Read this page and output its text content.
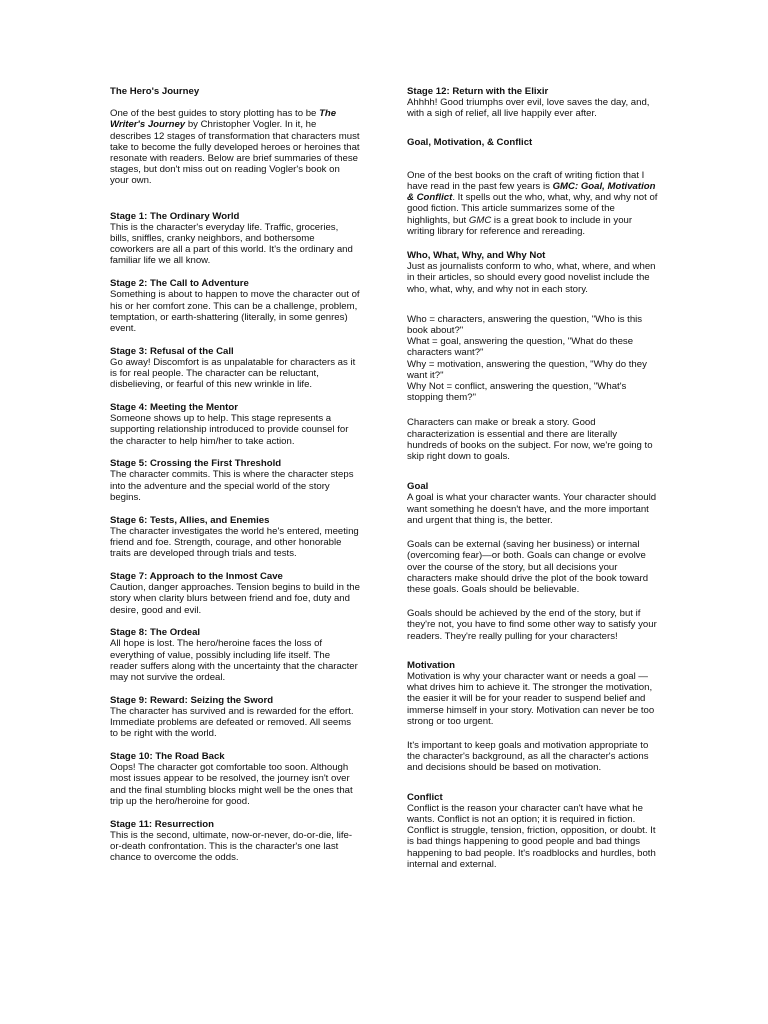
The Hero's Journey

One of the best guides to story plotting has to be The Writer's Journey by Christopher Vogler. In it, he describes 12 stages of transformation that characters must take to become the fully developed heroes or heroines that resonate with readers. Below are brief summaries of these stages, but don't miss out on reading Vogler's book on your own.

Stage 1: The Ordinary World
This is the character's everyday life. Traffic, groceries, bills, sniffles, cranky neighbors, and bothersome coworkers are all a part of this world. It's the ordinary and familiar life we all know.
Stage 2: The Call to Adventure
Something is about to happen to move the character out of his or her comfort zone. This can be a challenge, problem, temptation, or earth-shattering (literally, in some genres) event.
Stage 3: Refusal of the Call
Go away! Discomfort is as unpalatable for characters as it is for real people. The character can be reluctant, disbelieving, or fearful of this new wrinkle in life.
Stage 4: Meeting the Mentor
Someone shows up to help. This stage represents a supporting relationship introduced to provide counsel for the character to help him/her to take action.
Stage 5: Crossing the First Threshold
The character commits. This is where the character steps into the adventure and the special world of the story begins.
Stage 6: Tests, Allies, and Enemies
The character investigates the world he's entered, meeting friend and foe. Strength, courage, and other honorable traits are developed through trials and tests.
Stage 7: Approach to the Inmost Cave
Caution, danger approaches. Tension begins to build in the story when clarity blurs between friend and foe, duty and desire, good and evil.
Stage 8: The Ordeal
All hope is lost. The hero/heroine faces the loss of everything of value, possibly including life itself. The reader suffers along with the uncertainty that the character may not survive the ordeal.
Stage 9: Reward: Seizing the Sword
The character has survived and is rewarded for the effort. Immediate problems are defeated or removed. All seems to be right with the world.
Stage 10: The Road Back
Oops! The character got comfortable too soon. Although most issues appear to be resolved, the journey isn't over and the final stumbling blocks might well be the ones that trip up the hero/heroine for good.
Stage 11: Resurrection
This is the second, ultimate, now-or-never, do-or-die, life-or-death confrontation. This is the character's one last chance to overcome the odds.
Stage 12: Return with the Elixir
Ahhhh! Good triumphs over evil, love saves the day, and, with a sigh of relief, all live happily ever after.

Goal, Motivation, & Conflict

One of the best books on the craft of writing fiction that I have read in the past few years is GMC: Goal, Motivation & Conflict. It spells out the who, what, why, and why not of good fiction. This article summarizes some of the highlights, but GMC is a great book to include in your writing library for reference and rereading.

Who, What, Why, and Why Not
Just as journalists conform to who, what, where, and when in their articles, so should every good novelist include the who, what, why, and why not in each story.

Who = characters, answering the question, "Who is this book about?"

What = goal, answering the question, "What do these characters want?"

Why = motivation, answering the question, "Why do they want it?"

Why Not = conflict, answering the question, "What's stopping them?"

Characters can make or break a story. Good characterization is essential and there are literally hundreds of books on the subject. For now, we're going to skip right down to goals.

Goal
A goal is what your character wants. Your character should want something he doesn't have, and the more important and urgent that thing is, the better.

Goals can be external (saving her business) or internal (overcoming fear)—or both. Goals can change or evolve over the course of the story, but all decisions your characters make should drive the plot of the book toward these goals. Goals should be believable.

Goals should be achieved by the end of the story, but if they're not, you have to find some other way to satisfy your readers. They're really pulling for your characters!

Motivation
Motivation is why your character want or needs a goal —what drives him to achieve it. The stronger the motivation, the easier it will be for your reader to suspend belief and immerse himself in your story. Motivation can never be too strong or too urgent.

It's important to keep goals and motivation appropriate to the character's background, as all the character's actions and decisions should be based on motivation.

Conflict
Conflict is the reason your character can't have what he wants. Conflict is not an option; it is required in fiction. Conflict is struggle, tension, friction, opposition, or doubt. It is bad things happening to good people and bad things happening to bad people. It's roadblocks and hurdles, both internal and external.
